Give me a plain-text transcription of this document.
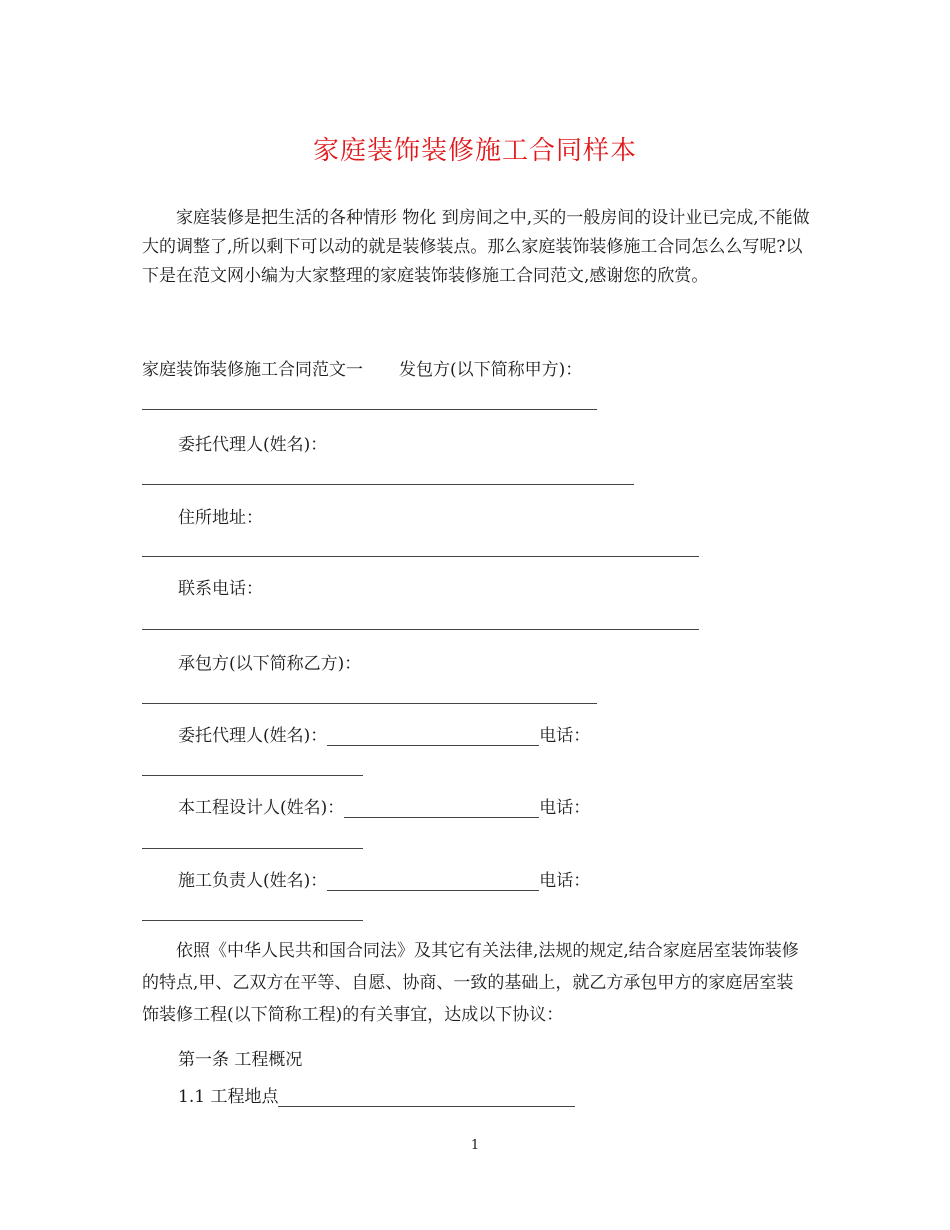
家庭装饰装修施工合同样本
家庭装修是把生活的各种情形 物化 到房间之中,买的一般房间的设计业已完成,不能做大的调整了,所以剩下可以动的就是装修装点。那么家庭装饰装修施工合同怎么么写呢?以下是在范文网小编为大家整理的家庭装饰装修施工合同范文,感谢您的欣赏。
家庭装饰装修施工合同范文一 发包方(以下简称甲方)：
委托代理人(姓名)：
住所地址：
联系电话：
承包方(以下简称乙方)：
委托代理人(姓名)：	电话：
本工程设计人(姓名)：	电话：
施工负责人(姓名)：	电话：
依照《中华人民共和国合同法》及其它有关法律,法规的规定,结合家庭居室装饰装修的特点,甲、乙双方在平等、自愿、协商、一致的基础上，就乙方承包甲方的家庭居室装饰装修工程(以下简称工程)的有关事宜，达成以下协议：
第一条 工程概况
1.1 工程地点
1
